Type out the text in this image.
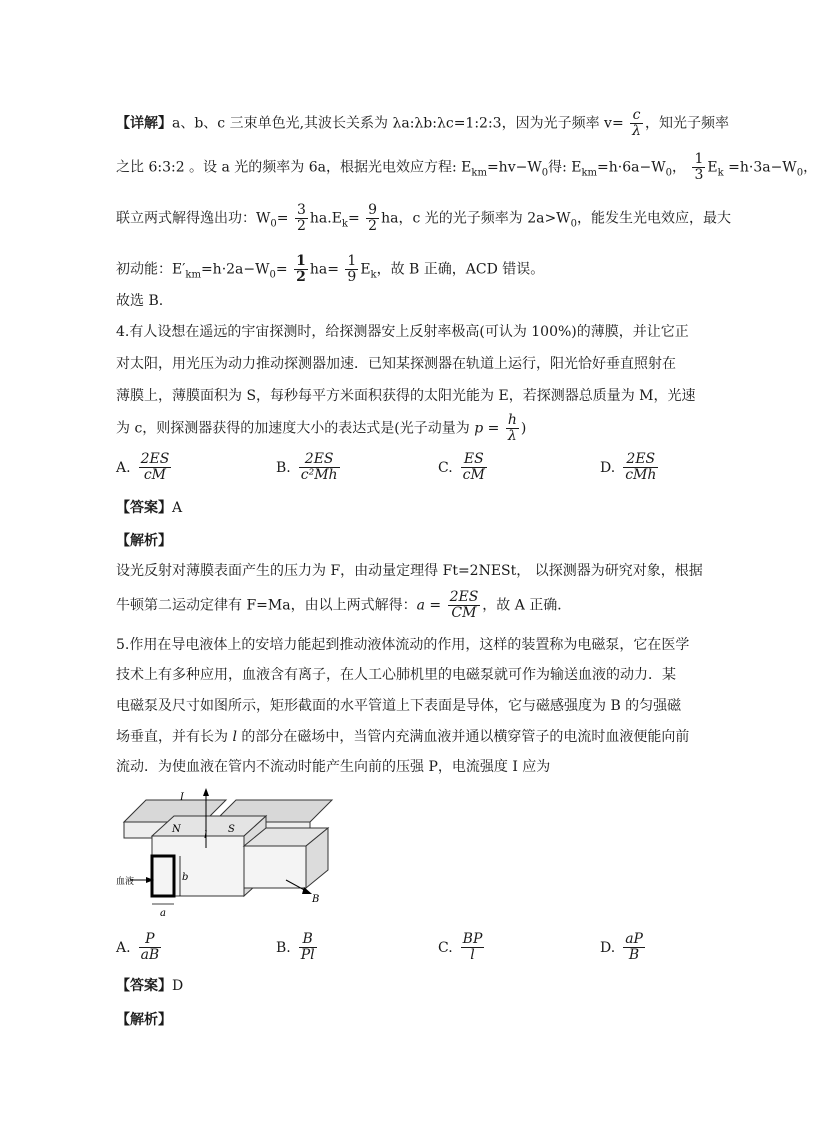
【详解】a、b、c 三束单色光,其波长关系为 λa:λb:λc=1:2:3，因为光子频率 $v= \frac{c}{\lambda}$ ，知光子频率
之比 6:3:2 。设 a 光的频率为 6a，根据光电效应方程: $E_{km}=hv-W_0$得: $E_{km}=h\cdot 6a-W_0$， $\frac{1}{3} E_k =h\cdot 3a-W_0$，
联立两式解得逸出功：$W_0= \frac{3}{2} ha.E_k= \frac{9}{2}$ ha，c 光的光子频率为 $2a>W_0$，能发生光电效应，最大
初动能：$E'_{km}=h\cdot 2a-W_0= \frac{1}{2} ha= \frac{1}{9} E_k$，故 B 正确，ACD 错误。
故选 B.
4.有人设想在遥远的宇宙探测时，给探测器安上反射率极高(可认为 100%)的薄膜，并让它正
对太阳，用光压为动力推动探测器加速．已知某探测器在轨道上运行，阳光恰好垂直照射在
薄膜上，薄膜面积为 S，每秒每平方米面积获得的太阳光能为 E，若探测器总质量为 M，光速
为 c，则探测器获得的加速度大小的表达式是(光子动量为 $p = \frac{h}{\lambda}$ )
A. $\frac{2ES}{cM}$	B. $\frac{2ES}{\text{c²Mh}}$	C. $\frac{ES}{cM}$	D. $\frac{2ES}{\text{cMh}}$
【答案】A
【解析】
设光反射对薄膜表面产生的压力为 F，由动量定理得 Ft=2NESt， 以探测器为研究对象，根据
牛顿第二运动定律有 F=Ma，由以上两式解得：$a = \frac{2ES}{CM}$ ，故 A 正确．
5.作用在导电液体上的安培力能起到推动液体流动的作用，这样的装置称为电磁泵，它在医学
技术上有多种应用，血液含有离子，在人工心肺机里的电磁泵就可作为输送血液的动力．某
电磁泵及尺寸如图所示，矩形截面的水平管道上下表面是导体，它与磁感强度为 B 的匀强磁
场垂直，并有长为 l 的部分在磁场中，当管内充满血液并通以横穿管子的电流时血液便能向前
流动．为使血液在管内不流动时能产生向前的压强 P，电流强度 I 应为
I
N	S
l
b
a
B
血液
A. $\frac{P}{aB}$	B. $\frac{B}{Pl}$	C. $\frac{BP}{l}$	D. $\frac{aP}{B}$
【答案】D
【解析】
